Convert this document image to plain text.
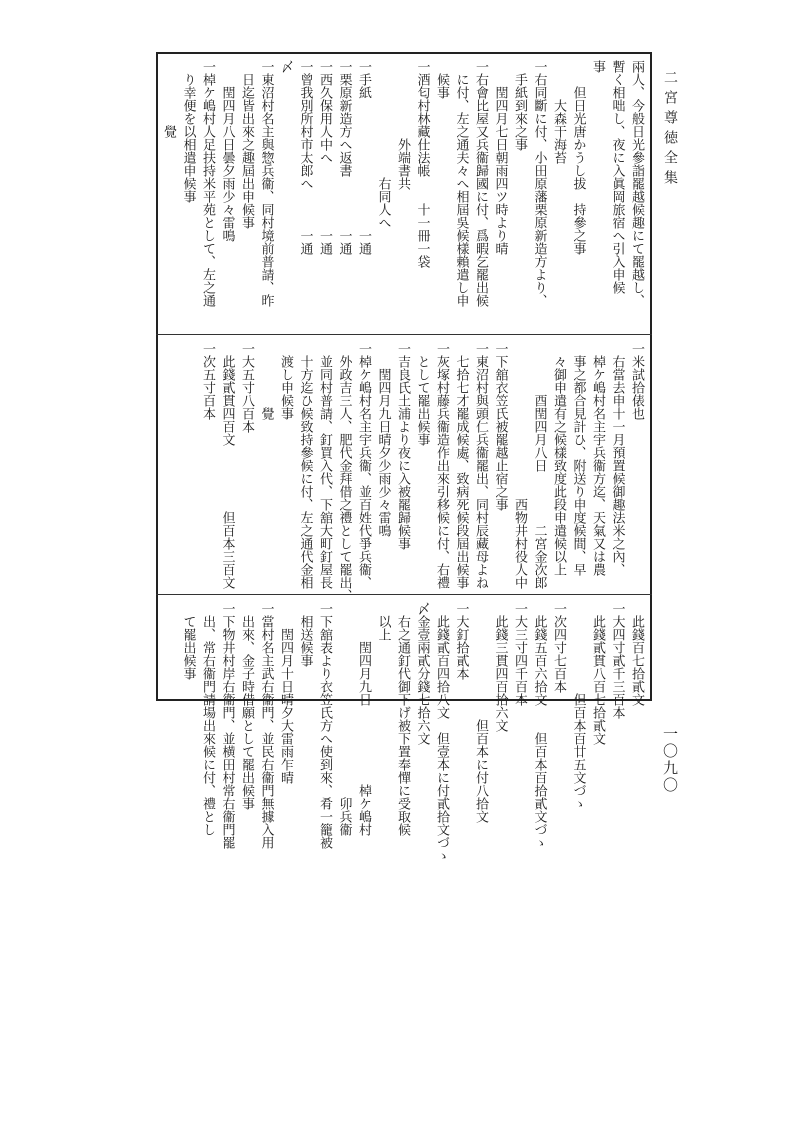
二宮尊徳全集
兩人、今般日光參詣罷越候趣にて罷越し、
暫く相咄し、夜に入眞岡旅宿へ引入申候
事
　　但日光唐かうし拔　持參之事
　　　大森干海苔
一右同斷に付、小田原藩栗原新造方より、
　手紙到來之事
　　閏四月七日朝雨四ツ時より晴
一右會比屋又兵衞歸國に付、爲暇乞罷出候
　に付、左之通夫々へ相屆吳候樣賴遣し申
　候事
一酒匂村林藏仕法帳　　十一冊一袋
　　　　　　外端書共
　　　　　　　　　右同人へ
一手紙　　　　　　　　　　一通
一栗原新造方へ返書　　　　一通
一西久保用人中へ　　　　　一通
一曾我別所村市太郎へ　　　一通
〆
一東沼村名主與惣兵衞、同村境前普請、昨
　日迄皆出來之趣屆出申候事
　　閏四月八日曇夕雨少々雷鳴
一棹ケ嶋村人足扶持米平苑として、左之通
　り幸便を以相遣申候事
　　　　　覺
一米試拾俵也
　右當去申十一月預置候御趣法米之內、
　棹ケ嶋村名主宇兵衞方迄、天氣又は農
　事之都合見計ひ、附送り申度候間、早
　々御申遣有之候樣致度此段申遣候以上
　　　　酉閏四月八日　　　　二宮金次郎
　　　　　　　　　　　　西物井村役人中
一下舘衣笠氏被罷越止宿之事
一東沼村與頭仁兵衞罷出、同村辰藏母よね
　七拾七才罷成候處、致病死候段屆出候事
一灰塚村藤兵衞造作出來引移候に付、右禮
　として罷出候事
一吉良氏土浦より夜に入被罷歸候事
　　閏四月九日晴夕少雨少々雷鳴
一棹ケ嶋村名主宇兵衞、並百姓代爭兵衞、
　外政吉三人、肥代金拜借之禮として罷出、
　並同村普請、釘買入代、下舘大町釘屋長
　十方迄ひ候致持參候に付、左之通代金相
　渡し申候事
　　　　　覺
一大五寸八百本
　此錢貳貫四百文　　　　　但百本三百文
一次五寸百本
　此錢百七拾貳文
一大四寸貳千三百本
　此錢貳貫八百七拾貳文
　　　　　　　但百本百廿五文づゝ
一次四寸七百本
　此錢五百六拾文　　但百本百拾貳文づゝ
一大三寸四千百本
　此錢三貫四百拾六文
　　　　　　　　　但百本に付八拾文
一大釘拾貳本
　此錢貳百四拾八文　但壹本に付貳拾文づゝ
〆金壹兩貳分錢七拾六文
　右之通釘代御下げ被下置奉憚に受取候
　以上
　　　閏四月九日　　　　　　棹ケ嶋村
　　　　　　　　　　　　　　　卯兵衞
一下舘表より衣笠氏方へ使到來、肴一籠被
　相送候事
　　閏四月十日晴夕大雷雨乍晴
一當村名主武右衞門、並民右衞門無據入用
　出來、金子時借願として罷出候事
一下物井村岸右衞門、並横田村常右衞門罷
　出、常右衞門請場出來候に付、禮とし
　て罷出候事
一〇九〇
